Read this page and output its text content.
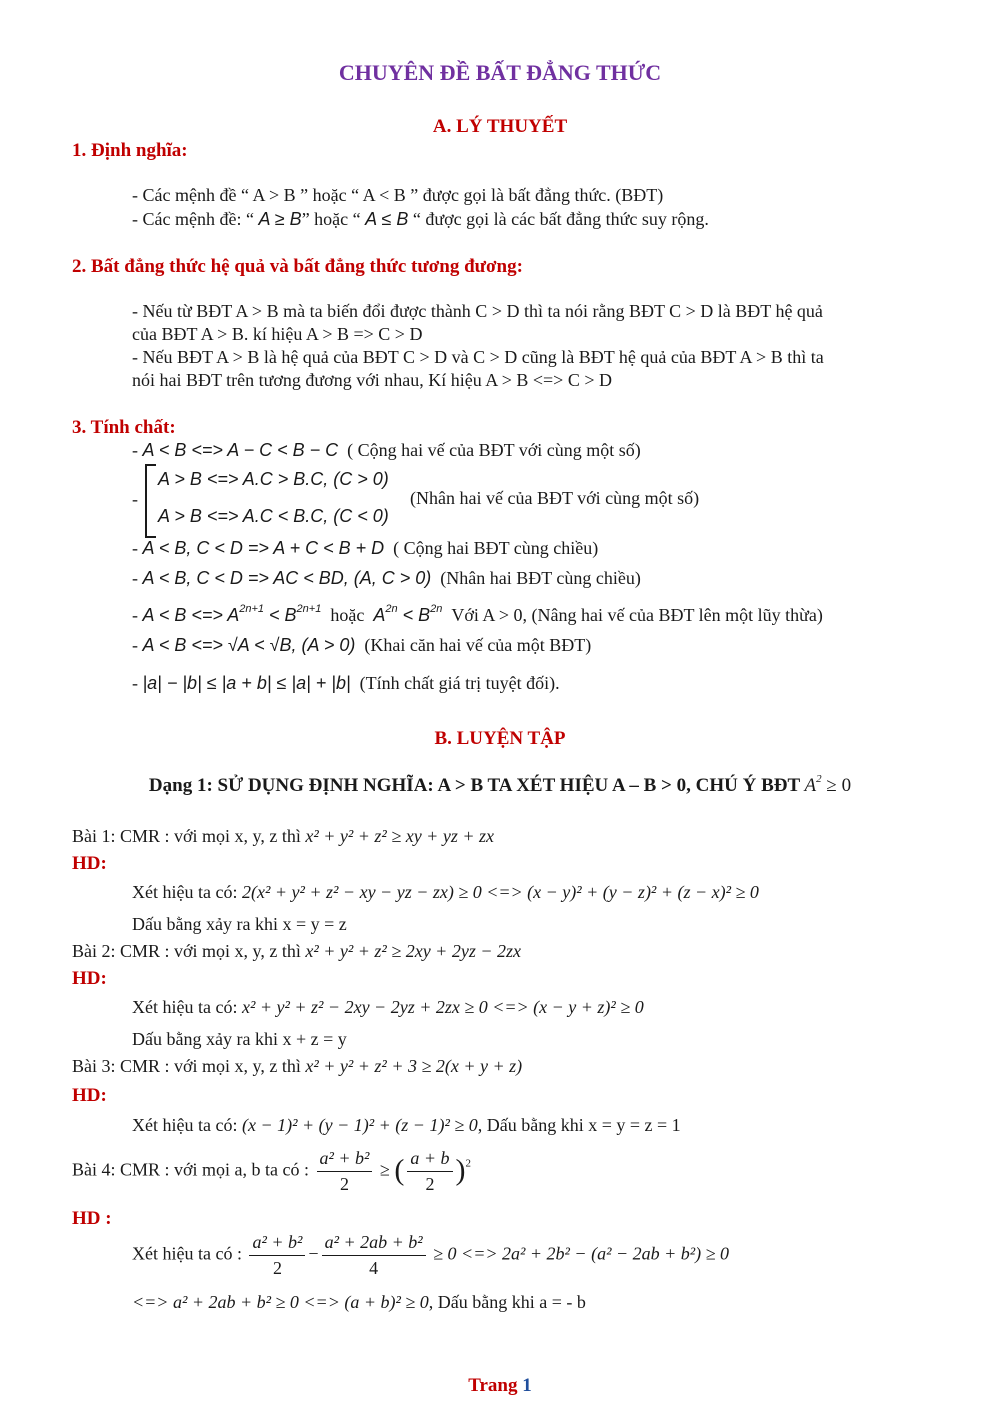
CHUYÊN ĐỀ BẤT ĐẲNG THỨC
A. LÝ THUYẾT
1. Định nghĩa:
- Các mệnh đề “ A > B ” hoặc “ A < B ” được gọi là bất đẳng thức. (BĐT)
- Các mệnh đề: “ A ≥ B” hoặc “ A ≤ B “ được gọi là các bất đẳng thức suy rộng.
2. Bất đẳng thức hệ quả và bất đẳng thức tương đương:
- Nếu từ BĐT A > B mà ta biến đổi được thành C > D thì ta nói rằng BĐT C > D là BĐT hệ quả
của BĐT A > B. kí hiệu A > B => C > D
- Nếu BĐT A > B là hệ quả của BĐT C > D và C > D cũng là BĐT hệ quả của BĐT A > B thì ta
nói hai BĐT trên tương đương với nhau, Kí hiệu A > B <=> C > D
3. Tính chất:
- A < B <=> A − C < B − C ( Cộng hai vế của BĐT với cùng một số)
-
A > B <=> A.C > B.C, (C > 0)
A > B <=> A.C < B.C, (C < 0)
(Nhân hai vế của BĐT với cùng một số)
- A < B, C < D => A + C < B + D ( Cộng hai BĐT cùng chiều)
- A < B, C < D => AC < BD, (A, C > 0) (Nhân hai BĐT cùng chiều)
- A < B <=> $A^{2n+1} < B^{2n+1}$ hoặc $A^{2n} < B^{2n}$ Với A > 0, (Nâng hai vế của BĐT lên một lũy thừa)
- A < B <=> √A < √B, (A > 0) (Khai căn hai vế của một BĐT)
- |a| − |b| ≤ |a + b| ≤ |a| + |b| (Tính chất giá trị tuyệt đối).
B. LUYỆN TẬP
Dạng 1: SỬ DỤNG ĐỊNH NGHĨA: A > B TA XÉT HIỆU A – B > 0, CHÚ Ý BĐT $A^2 \ge 0$
Bài 1: CMR : với mọi x, y, z thì x² + y² + z² ≥ xy + yz + zx
HD:
Xét hiệu ta có: 2(x² + y² + z² − xy − yz − zx) ≥ 0 <=> (x − y)² + (y − z)² + (z − x)² ≥ 0
Dấu bằng xảy ra khi x = y = z
Bài 2: CMR : với mọi x, y, z thì x² + y² + z² ≥ 2xy + 2yz − 2zx
HD:
Xét hiệu ta có: x² + y² + z² − 2xy − 2yz + 2zx ≥ 0 <=> (x − y + z)² ≥ 0
Dấu bằng xảy ra khi x + z = y
Bài 3: CMR : với mọi x, y, z thì x² + y² + z² + 3 ≥ 2(x + y + z)
HD:
Xét hiệu ta có: (x − 1)² + (y − 1)² + (z − 1)² ≥ 0, Dấu bằng khi x = y = z = 1
Bài 4: CMR : với mọi a, b ta có : $\frac{\text{a² + b²}}{2}$ ≥ ( $\frac{a + b}{2} )^2$
HD :
Xét hiệu ta có : $\frac{\text{a² + b²}}{2} - \frac{\text{a² + 2ab + b²}}{4} \ge 0$ <=> 2a² + 2b² − (a² − 2ab + b²) ≥ 0
<=> a² + 2ab + b² ≥ 0 <=> (a + b)² ≥ 0, Dấu bằng khi a = - b
Trang 1
